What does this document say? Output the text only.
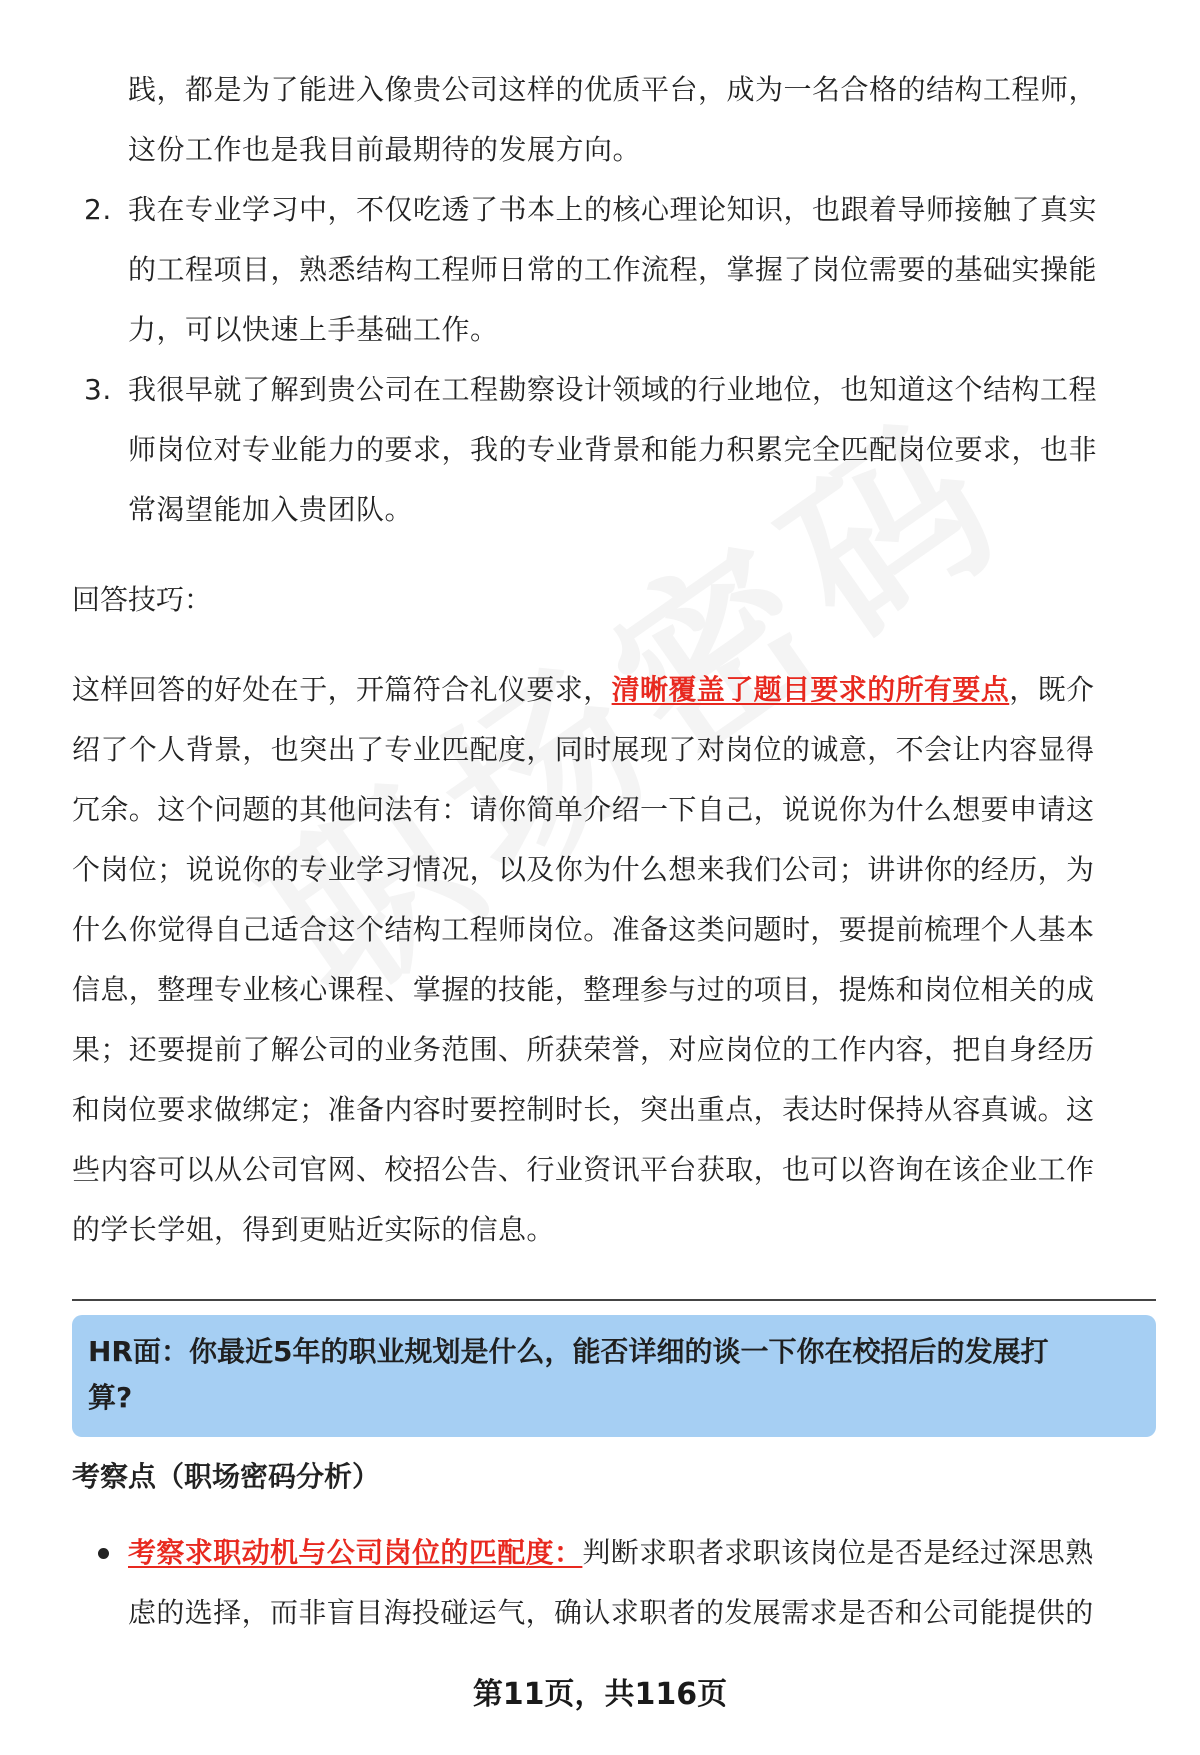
践，都是为了能进入像贵公司这样的优质平台，成为一名合格的结构工程师，
这份工作也是我目前最期待的发展方向。
2. 我在专业学习中，不仅吃透了书本上的核心理论知识，也跟着导师接触了真实
的工程项目，熟悉结构工程师日常的工作流程，掌握了岗位需要的基础实操能
力，可以快速上手基础工作。
3. 我很早就了解到贵公司在工程勘察设计领域的行业地位，也知道这个结构工程
师岗位对专业能力的要求，我的专业背景和能力积累完全匹配岗位要求，也非
常渴望能加入贵团队。
回答技巧：
这样回答的好处在于，开篇符合礼仪要求，清晰覆盖了题目要求的所有要点，既介
绍了个人背景，也突出了专业匹配度，同时展现了对岗位的诚意，不会让内容显得
冗余。这个问题的其他问法有：请你简单介绍一下自己，说说你为什么想要申请这
个岗位；说说你的专业学习情况，以及你为什么想来我们公司；讲讲你的经历，为
什么你觉得自己适合这个结构工程师岗位。准备这类问题时，要提前梳理个人基本
信息，整理专业核心课程、掌握的技能，整理参与过的项目，提炼和岗位相关的成
果；还要提前了解公司的业务范围、所获荣誉，对应岗位的工作内容，把自身经历
和岗位要求做绑定；准备内容时要控制时长，突出重点，表达时保持从容真诚。这
些内容可以从公司官网、校招公告、行业资讯平台获取，也可以咨询在该企业工作
的学长学姐，得到更贴近实际的信息。
HR面：你最近5年的职业规划是什么，能否详细的谈一下你在校招后的发展打
算?
考察点（职场密码分析）
考察求职动机与公司岗位的匹配度：判断求职者求职该岗位是否是经过深思熟
虑的选择，而非盲目海投碰运气，确认求职者的发展需求是否和公司能提供的
第11页，共116页
